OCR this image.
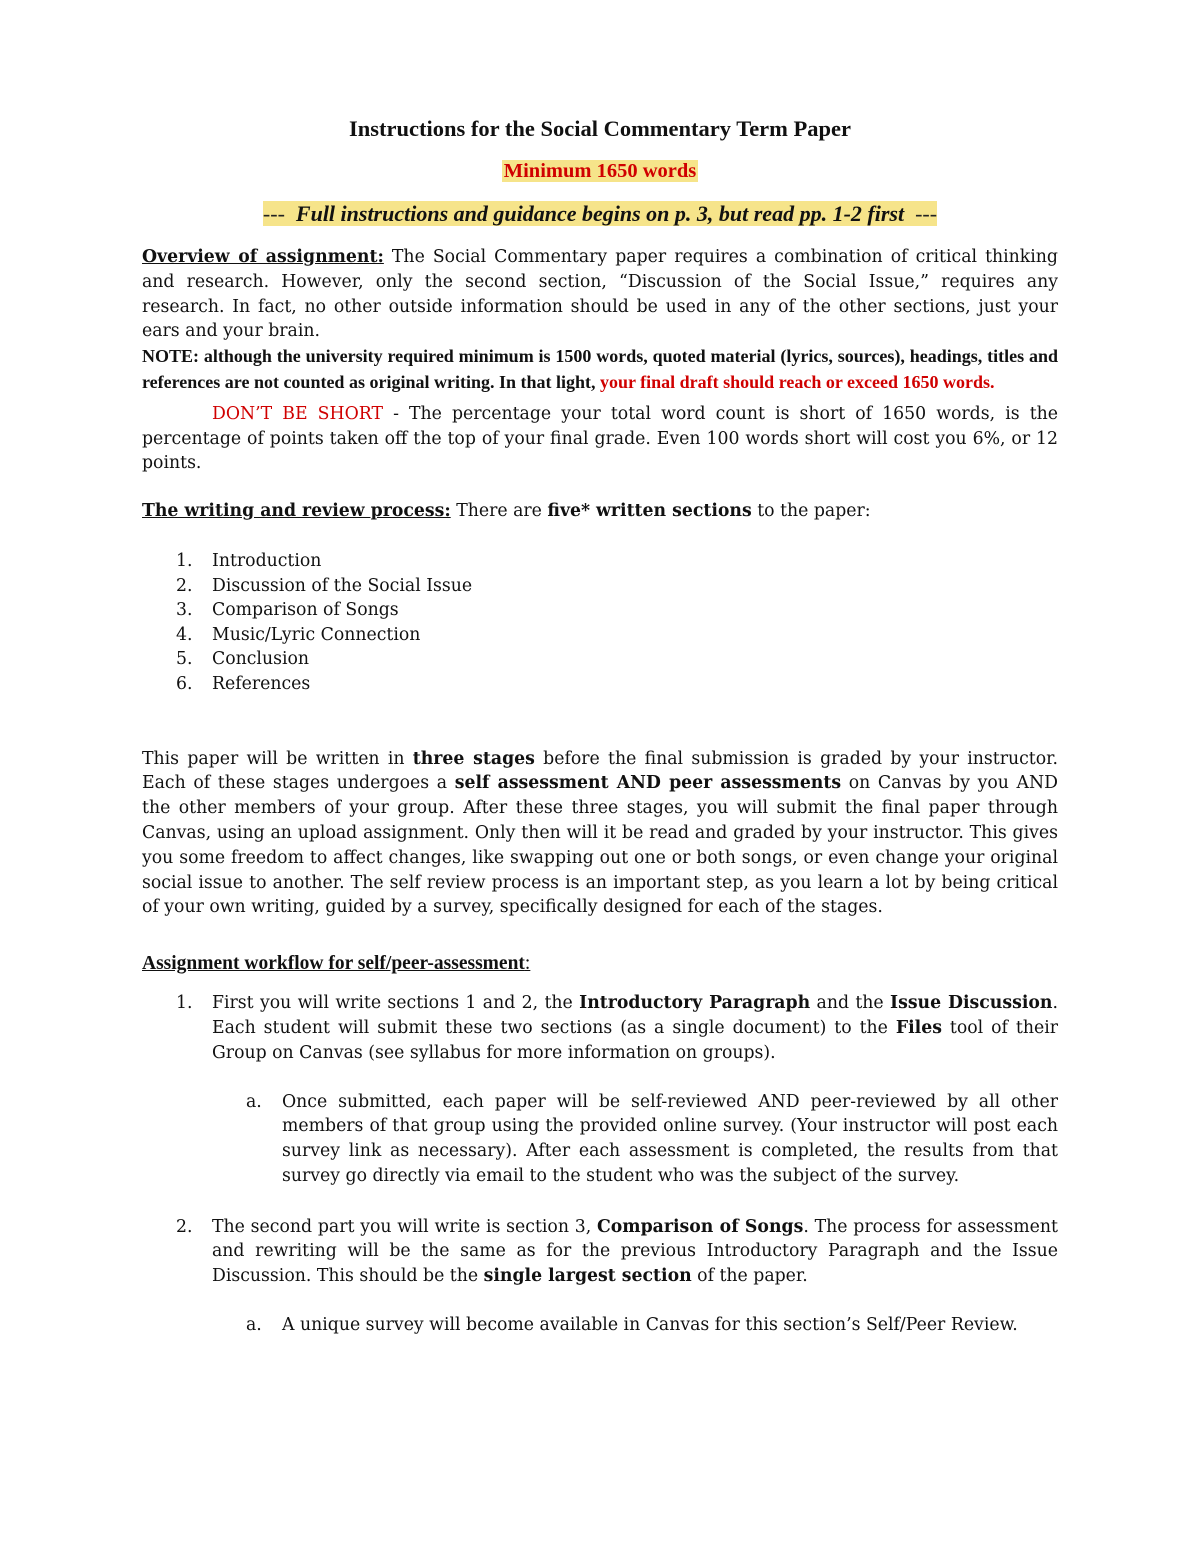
Instructions for the Social Commentary Term Paper
Minimum 1650 words
--- Full instructions and guidance begins on p. 3, but read pp. 1-2 first ---

Overview of assignment: The Social Commentary paper requires a combination of critical thinking and research. However, only the second section, “Discussion of the Social Issue,” requires any research. In fact, no other outside information should be used in any of the other sections, just your ears and your brain.

NOTE: although the university required minimum is 1500 words, quoted material (lyrics, sources), headings, titles and references are not counted as original writing. In that light, your final draft should reach or exceed 1650 words.

DON’T BE SHORT - The percentage your total word count is short of 1650 words, is the percentage of points taken off the top of your final grade. Even 100 words short will cost you 6%, or 12 points.

The writing and review process: There are five* written sections to the paper:

1. Introduction
2. Discussion of the Social Issue
3. Comparison of Songs
4. Music/Lyric Connection
5. Conclusion
6. References

This paper will be written in three stages before the final submission is graded by your instructor. Each of these stages undergoes a self assessment AND peer assessments on Canvas by you AND the other members of your group. After these three stages, you will submit the final paper through Canvas, using an upload assignment. Only then will it be read and graded by your instructor. This gives you some freedom to affect changes, like swapping out one or both songs, or even change your original social issue to another. The self review process is an important step, as you learn a lot by being critical of your own writing, guided by a survey, specifically designed for each of the stages.

Assignment workflow for self/peer-assessment:
1. First you will write sections 1 and 2, the Introductory Paragraph and the Issue Discussion. Each student will submit these two sections (as a single document) to the Files tool of their Group on Canvas (see syllabus for more information on groups).

a. Once submitted, each paper will be self-reviewed AND peer-reviewed by all other members of that group using the provided online survey. (Your instructor will post each survey link as necessary). After each assessment is completed, the results from that survey go directly via email to the student who was the subject of the survey.

2. The second part you will write is section 3, Comparison of Songs. The process for assessment and rewriting will be the same as for the previous Introductory Paragraph and the Issue Discussion. This should be the single largest section of the paper.

a. A unique survey will become available in Canvas for this section’s Self/Peer Review.
